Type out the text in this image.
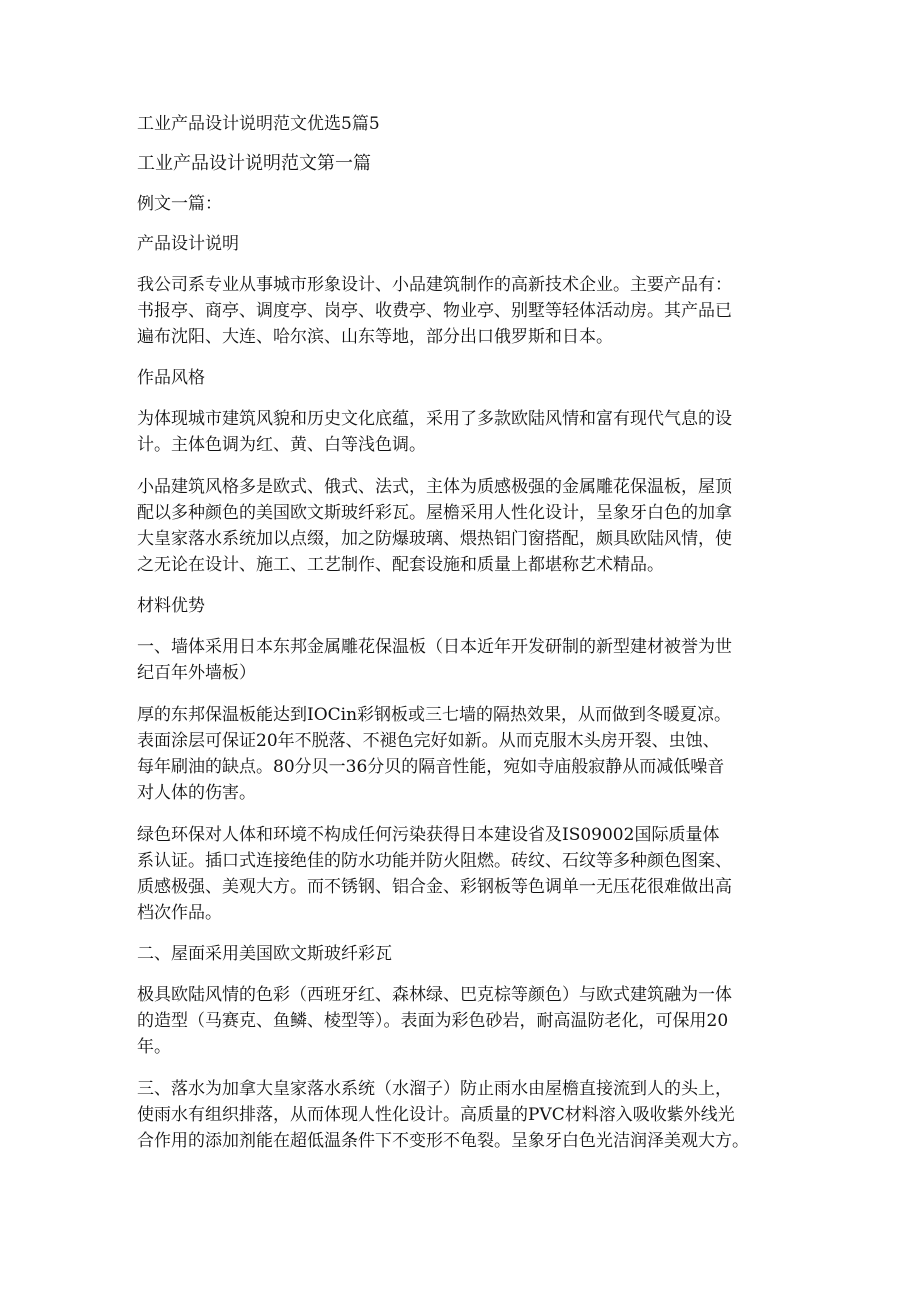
工业产品设计说明范文优选5篇5
工业产品设计说明范文第一篇
例文一篇：
产品设计说明
我公司系专业从事城市形象设计、小品建筑制作的高新技术企业。主要产品有：
书报亭、商亭、调度亭、岗亭、收费亭、物业亭、别墅等轻体活动房。其产品已
遍布沈阳、大连、哈尔滨、山东等地，部分出口俄罗斯和日本。
作品风格
为体现城市建筑风貌和历史文化底蕴，采用了多款欧陆风情和富有现代气息的设
计。主体色调为红、黄、白等浅色调。
小品建筑风格多是欧式、俄式、法式，主体为质感极强的金属雕花保温板，屋顶
配以多种颜色的美国欧文斯玻纤彩瓦。屋檐采用人性化设计，呈象牙白色的加拿
大皇家落水系统加以点缀，加之防爆玻璃、煨热铝门窗搭配，颇具欧陆风情，使
之无论在设计、施工、工艺制作、配套设施和质量上都堪称艺术精品。
材料优势
一、墙体采用日本东邦金属雕花保温板（日本近年开发研制的新型建材被誉为世
纪百年外墙板）
厚的东邦保温板能达到IOCin彩钢板或三七墙的隔热效果，从而做到冬暖夏凉。
表面涂层可保证20年不脱落、不褪色完好如新。从而克服木头房开裂、虫蚀、
每年刷油的缺点。80分贝一36分贝的隔音性能，宛如寺庙般寂静从而减低噪音
对人体的伤害。
绿色环保对人体和环境不构成任何污染获得日本建设省及IS09002国际质量体
系认证。插口式连接绝佳的防水功能并防火阻燃。砖纹、石纹等多种颜色图案、
质感极强、美观大方。而不锈钢、铝合金、彩钢板等色调单一无压花很难做出高
档次作品。
二、屋面采用美国欧文斯玻纤彩瓦
极具欧陆风情的色彩（西班牙红、森林绿、巴克棕等颜色）与欧式建筑融为一体
的造型（马赛克、鱼鳞、棱型等）。表面为彩色砂岩，耐高温防老化，可保用20
年。
三、落水为加拿大皇家落水系统（水溜子）防止雨水由屋檐直接流到人的头上，
使雨水有组织排落，从而体现人性化设计。高质量的PVC材料溶入吸收紫外线光
合作用的添加剂能在超低温条件下不变形不龟裂。呈象牙白色光洁润泽美观大方。
